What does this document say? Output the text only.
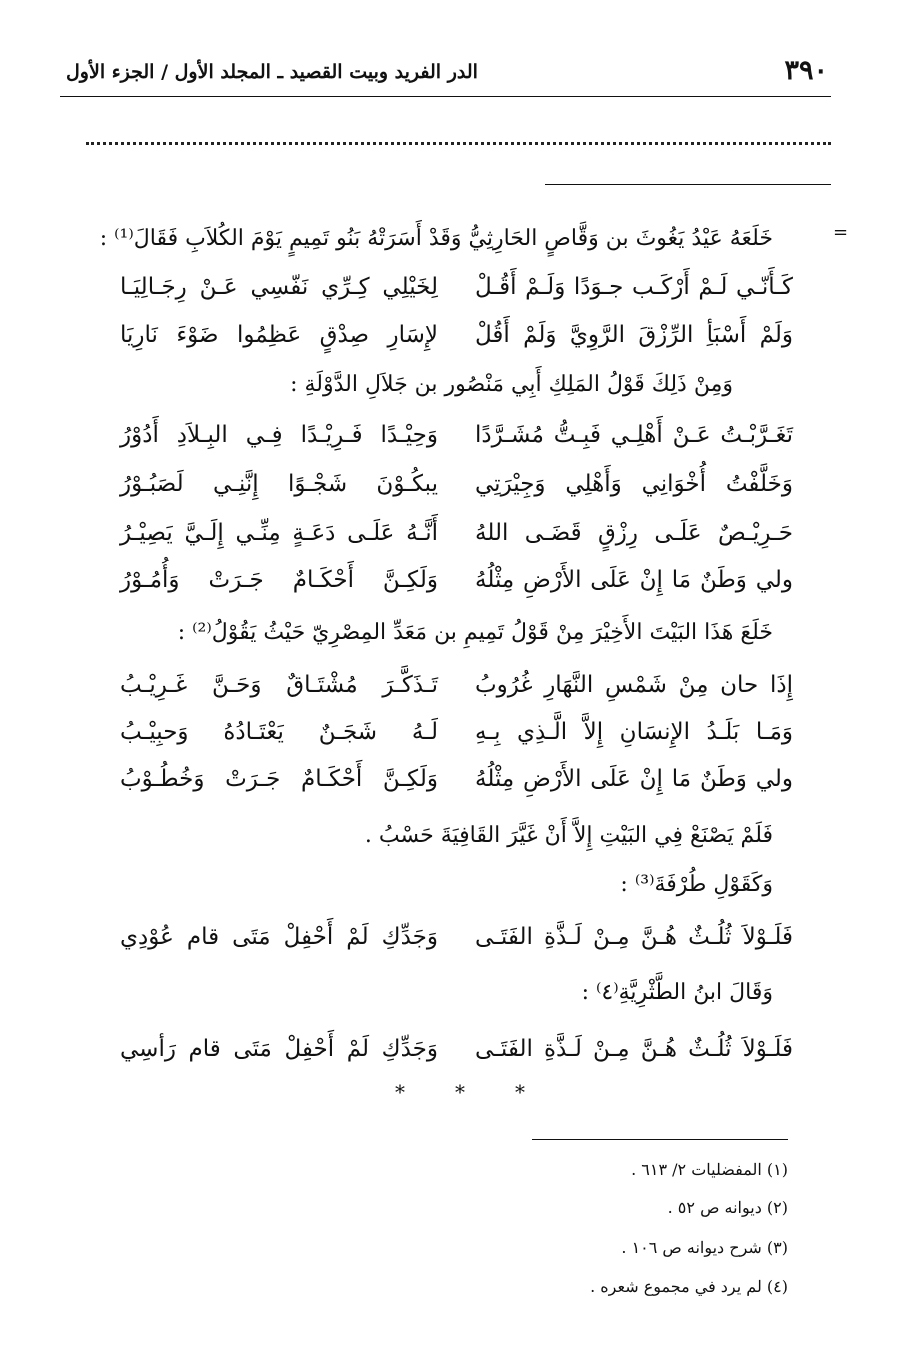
٣٩٠
الدر الفريد وبيت القصيد ـ المجلد الأول / الجزء الأول
=
خَلَعَهُ عَيْدُ يَغُوثَ بن وَقَّاصٍ الحَارِثِيُّ وَقَدْ أَسَرَتْهُ بَنُو تَمِيمٍ يَوْمَ الكُلاَبِ فَقَالَ⁽¹⁾ :
كَـأَنّـي لَـمْ أَرْكَـب جـوَدًا وَلَـمْ أَقُـلْ
لِخَيْلِي كِـرِّي نَفّسِي عَـنْ رِجَـالِيَـا
وَلَمْ أَسْبَأِ الرِّزْقَ الرَّوِيَّ وَلَمْ أَقُلْ
لإِسَارِ صِدْقٍ عَظِمُوا ضَوْءَ نَارِيَا
وَمِنْ ذَلِكَ قَوْلُ المَلِكِ أَبِي مَنْصُور بن جَلاَلِ الدَّوْلَةِ :
تَغَـرَّبْـتُ عَـنْ أَهْلِـي فَبِـتُّ مُشَـرَّدًا
وَحِيْـدًا فَـرِيْـدًا فِـي البِـلاَدِ أَدُوْرُ
وَخَلَّفْتُ أُخْوَانِي وَأَهْلِي وَجِيْرَتِي
يبكُـوْنَ شَجْـوًا إِنَّنِـي لَصَبُـوْرُ
حَـرِيْـصٌ عَلَـى رِزْقٍ قَضَـى اللهُ
أَنَّـهُ عَلَـى دَعَـةٍ مِنِّـي إِلَـيَّ يَصِيْـرُ
ولي وَطَنٌ مَا إِنْ عَلَى الأَرْضِ مِثْلُهُ
وَلَكِـنَّ أَحْكَـامٌ جَـرَتْ وَأُمُـوْرُ
خَلَعَ هَذَا البَيْتَ الأَخِيْرَ مِنْ قَوْلُ تَمِيمِ بن مَعَدِّ المِصْرِيّ حَيْثُ يَقُوْلُ⁽²⁾ :
إِذَا حان مِنْ شَمْسِ النَّهَارِ غُرُوبُ
تَـذَكَّـرَ مُشْتَـاقٌ وَحَـنَّ غَـرِيْـبُ
وَمَـا بَلَـدُ الإِنسَانِ إِلاَّ الَّـذِي بِـهِ
لَـهُ شَجَـنٌ يَعْتَـادُهُ وَحبِيْـبُ
ولي وَطَنٌ مَا إِنْ عَلَى الأَرْضِ مِثْلُهُ
وَلَكِـنَّ أَحْكَـامٌ جَـرَتْ وَخُطُـوْبُ
فَلَمْ يَصْنَعْ فِي البَيْتِ إِلاَّ أَنْ غَيَّرَ القَافِيَةَ حَسْبُ .
وَكَقَوْلِ طُرْفَةَ⁽³⁾ :
فَلَـوْلاَ ثُلُـثٌ هُـنَّ مِـنْ لَـذَّةِ الفَتَـى
وَجَدِّكِ لَمْ أَحْفِلْ مَتَى قام عُوْدِي
وَقَالَ ابنُ الطَّثْرِيَّةِ⁽٤⁾ :
فَلَـوْلاَ ثُلُـثٌ هُـنَّ مِـنْ لَـذَّةِ الفَتَـى
وَجَدِّكِ لَمْ أَحْفِلْ مَتَى قام رَأسِي
*
*
*
(١) المفضليات ٢/ ٦١٣ .
(٢) ديوانه ص ٥٢ .
(٣) شرح ديوانه ص ١٠٦ .
(٤) لم يرد في مجموع شعره .
